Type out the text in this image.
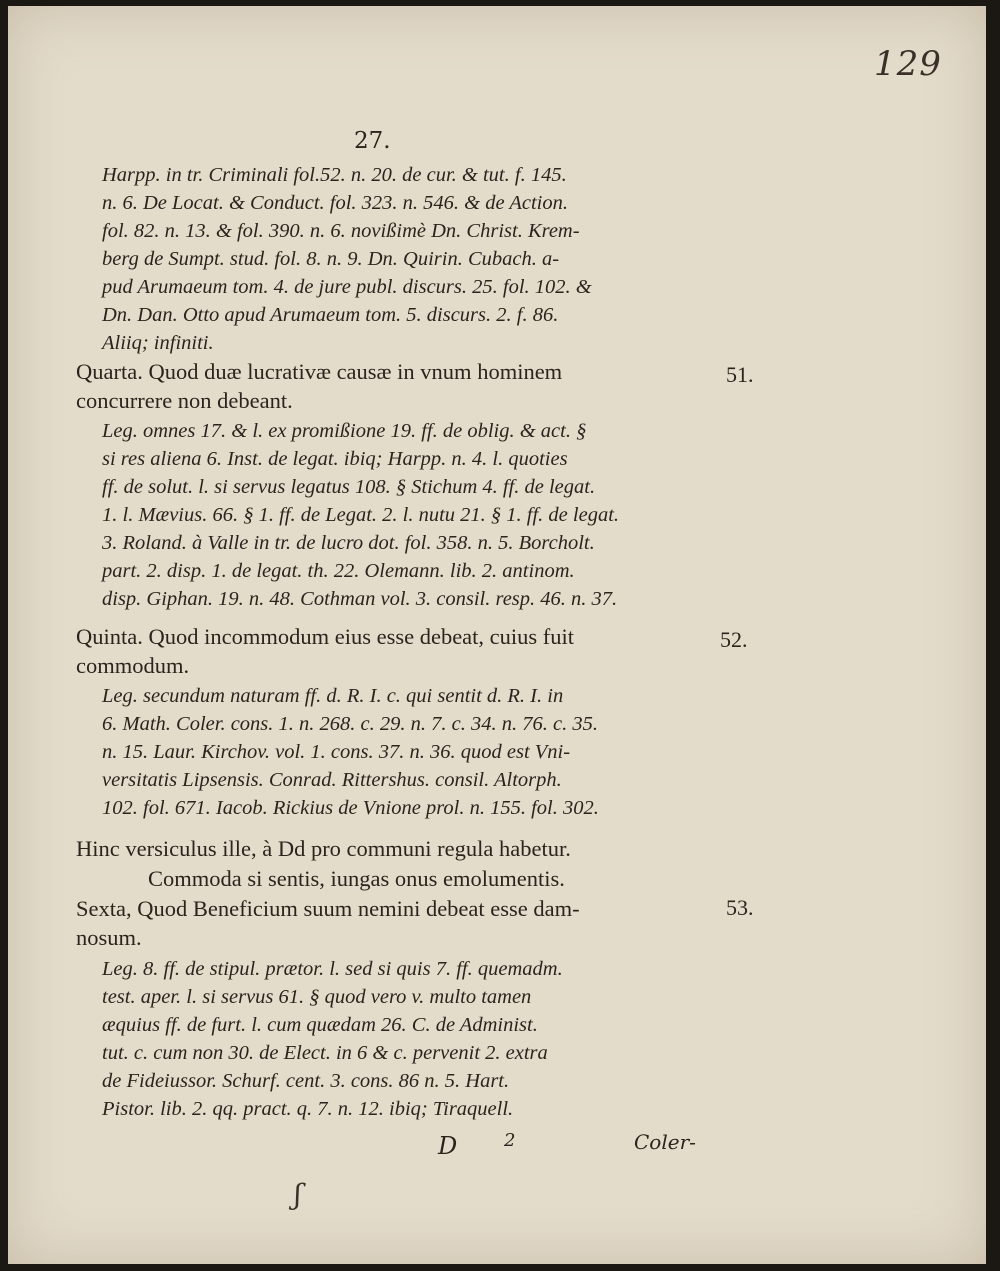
129
27.
Harpp. in tr. Criminali fol.52. n. 20. de cur. & tut. f. 145.
n. 6. De Locat. & Conduct. fol. 323. n. 546. & de Action.
fol. 82. n. 13. & fol. 390. n. 6. novißimè Dn. Christ. Krem-
berg de Sumpt. stud. fol. 8. n. 9. Dn. Quirin. Cubach. a-
pud Arumaeum tom. 4. de jure publ. discurs. 25. fol. 102. &
Dn. Dan. Otto apud Arumaeum tom. 5. discurs. 2. f. 86.
Aliiq; infiniti.
Quarta. Quod duæ lucrativæ causæ in vnum hominem
concurrere non debeant.
Leg. omnes 17. & l. ex promißione 19. ff. de oblig. & act. §
si res aliena 6. Inst. de legat. ibiq; Harpp. n. 4. l. quoties
ff. de solut. l. si servus legatus 108. § Stichum 4. ff. de legat.
1. l. Mævius. 66. § 1. ff. de Legat. 2. l. nutu 21. § 1. ff. de legat.
3. Roland. à Valle in tr. de lucro dot. fol. 358. n. 5. Borcholt.
part. 2. disp. 1. de legat. th. 22. Olemann. lib. 2. antinom.
disp. Giphan. 19. n. 48. Cothman vol. 3. consil. resp. 46. n. 37.
Quinta. Quod incommodum eius esse debeat, cuius fuit
commodum.
Leg. secundum naturam ff. d. R. I. c. qui sentit d. R. I. in
6. Math. Coler. cons. 1. n. 268. c. 29. n. 7. c. 34. n. 76. c. 35.
n. 15. Laur. Kirchov. vol. 1. cons. 37. n. 36. quod est Vni-
versitatis Lipsensis. Conrad. Rittershus. consil. Altorph.
102. fol. 671. Iacob. Rickius de Vnione prol. n. 155. fol. 302.
Hinc versiculus ille, à Dd pro communi regula habetur.
Commoda si sentis, iungas onus emolumentis.
Sexta, Quod Beneficium suum nemini debeat esse dam-
nosum.
Leg. 8. ff. de stipul. prætor. l. sed si quis 7. ff. quemadm.
test. aper. l. si servus 61. § quod vero v. multo tamen
æquius ff. de furt. l. cum quædam 26. C. de Administ.
tut. c. cum non 30. de Elect. in 6 & c. pervenit 2. extra
de Fideiussor. Schurf. cent. 3. cons. 86 n. 5. Hart.
Pistor. lib. 2. qq. pract. q. 7. n. 12. ibiq; Tiraquell.
51.
52.
53.
D	2	Coler-
ʃ
